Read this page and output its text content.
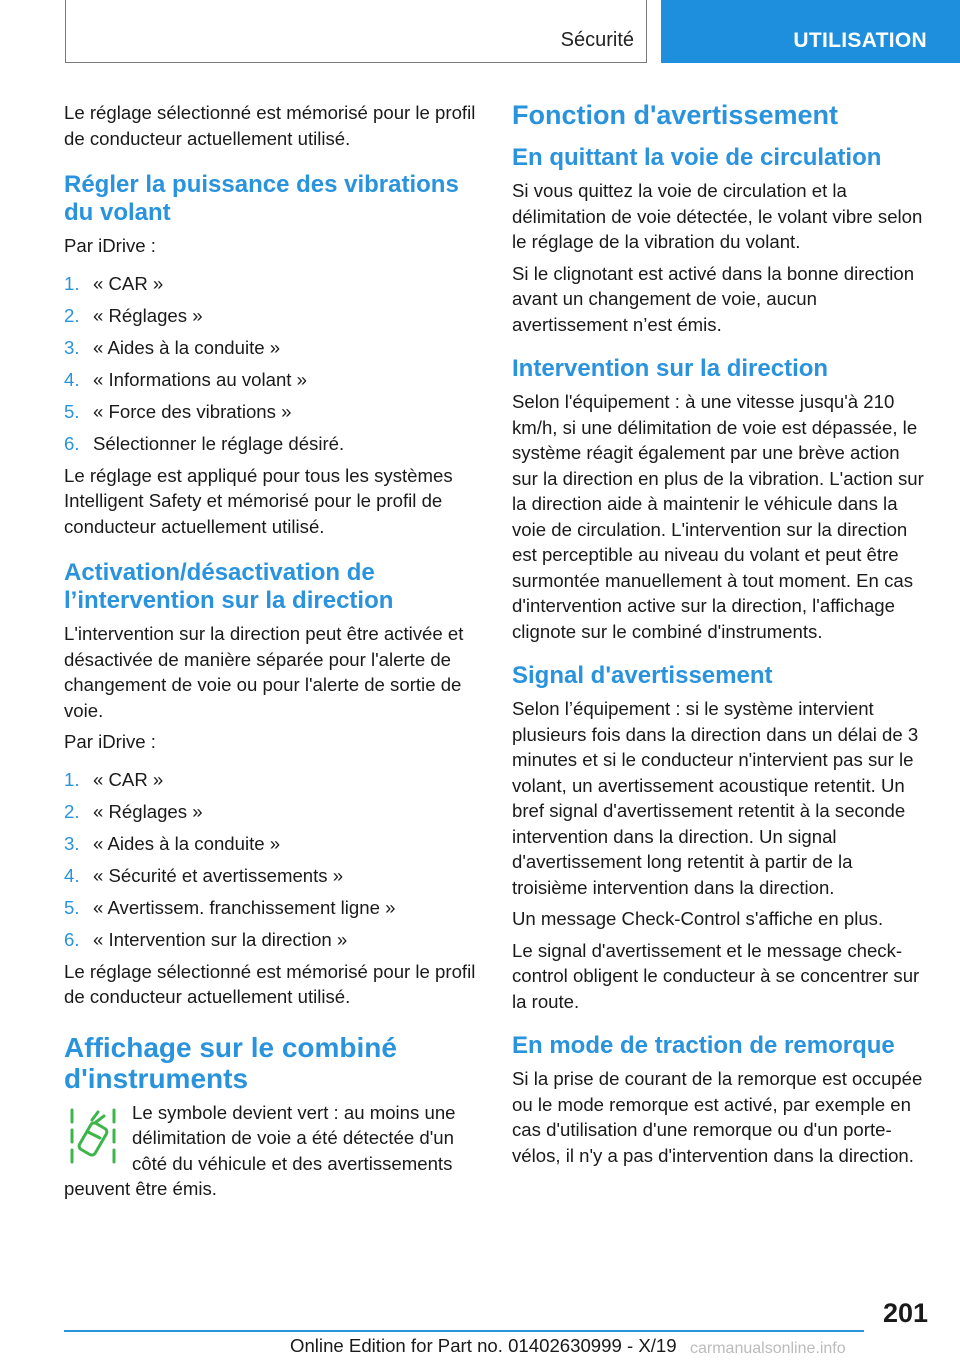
Sécurité	UTILISATION

Le réglage sélectionné est mémorisé pour le profil de conducteur actuellement utilisé.

Régler la puissance des vibrations du volant

Par iDrive :

1. « CAR »
2. « Réglages »
3. « Aides à la conduite »
4. « Informations au volant »
5. « Force des vibrations »
6. Sélectionner le réglage désiré.

Le réglage est appliqué pour tous les systèmes Intelligent Safety et mémorisé pour le profil de conducteur actuellement utilisé.

Activation/désactivation de l’intervention sur la direction

L'intervention sur la direction peut être activée et désactivée de manière séparée pour l'alerte de changement de voie ou pour l'alerte de sortie de voie.

Par iDrive :

1. « CAR »
2. « Réglages »
3. « Aides à la conduite »
4. « Sécurité et avertissements »
5. « Avertissem. franchissement ligne »
6. « Intervention sur la direction »

Le réglage sélectionné est mémorisé pour le profil de conducteur actuellement utilisé.

Affichage sur le combiné d'instruments

Le symbole devient vert : au moins une délimitation de voie a été détectée d'un côté du véhicule et des avertissements peuvent être émis.

Fonction d'avertissement
En quittant la voie de circulation

Si vous quittez la voie de circulation et la délimitation de voie détectée, le volant vibre selon le réglage de la vibration du volant.

Si le clignotant est activé dans la bonne direction avant un changement de voie, aucun avertissement n’est émis.

Intervention sur la direction

Selon l'équipement : à une vitesse jusqu'à 210 km/h, si une délimitation de voie est dépassée, le système réagit également par une brève action sur la direction en plus de la vibration. L'action sur la direction aide à maintenir le véhicule dans la voie de circulation. L'intervention sur la direction est perceptible au niveau du volant et peut être surmontée manuellement à tout moment. En cas d'intervention active sur la direction, l'affichage clignote sur le combiné d'instruments.

Signal d'avertissement

Selon l’équipement : si le système intervient plusieurs fois dans la direction dans un délai de 3 minutes et si le conducteur n'intervient pas sur le volant, un avertissement acoustique retentit. Un bref signal d'avertissement retentit à la seconde intervention dans la direction. Un signal d'avertissement long retentit à partir de la troisième intervention dans la direction.

Un message Check-Control s'affiche en plus.

Le signal d'avertissement et le message check-control obligent le conducteur à se concentrer sur la route.

En mode de traction de remorque

Si la prise de courant de la remorque est occupée ou le mode remorque est activé, par exemple en cas d'utilisation d'une remorque ou d'un porte-vélos, il n'y a pas d'intervention dans la direction.

201
Online Edition for Part no. 01402630999 - X/19 carmanualsonline.info
